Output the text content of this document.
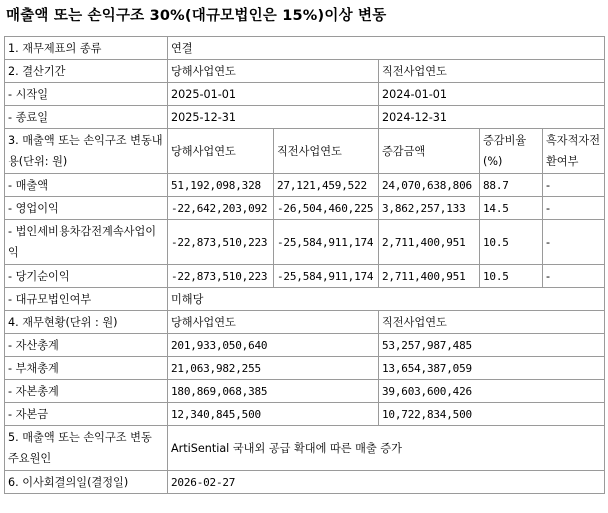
매출액 또는 손익구조 30%(대규모법인은 15%)이상 변동
1. 재무제표의 종류	연결				
2. 결산기간	당해사업연도		직전사업연도		
- 시작일	2025-01-01		2024-01-01		
- 종료일	2025-12-31		2024-12-31		
3. 매출액 또는 손익구조 변동내용(단위: 원)	당해사업연도	직전사업연도	증감금액	증감비율(%)	흑자적자전환여부
- 매출액	51,192,098,328	27,121,459,522	24,070,638,806	88.7	-
- 영업이익	-22,642,203,092	-26,504,460,225	3,862,257,133	14.5	-
- 법인세비용차감전계속사업이익	-22,873,510,223	-25,584,911,174	2,711,400,951	10.5	-
- 당기순이익	-22,873,510,223	-25,584,911,174	2,711,400,951	10.5	-
- 대규모법인여부	미해당				
4. 재무현황(단위 : 원)	당해사업연도		직전사업연도		
- 자산총계	201,933,050,640		53,257,987,485		
- 부채총계	21,063,982,255		13,654,387,059		
- 자본총계	180,869,068,385		39,603,600,426		
- 자본금	12,340,845,500		10,722,834,500		
5. 매출액 또는 손익구조 변동 주요원인	ArtiSential 국내외 공급 확대에 따른 매출 증가				
6. 이사회결의일(결정일)	2026-02-27				
